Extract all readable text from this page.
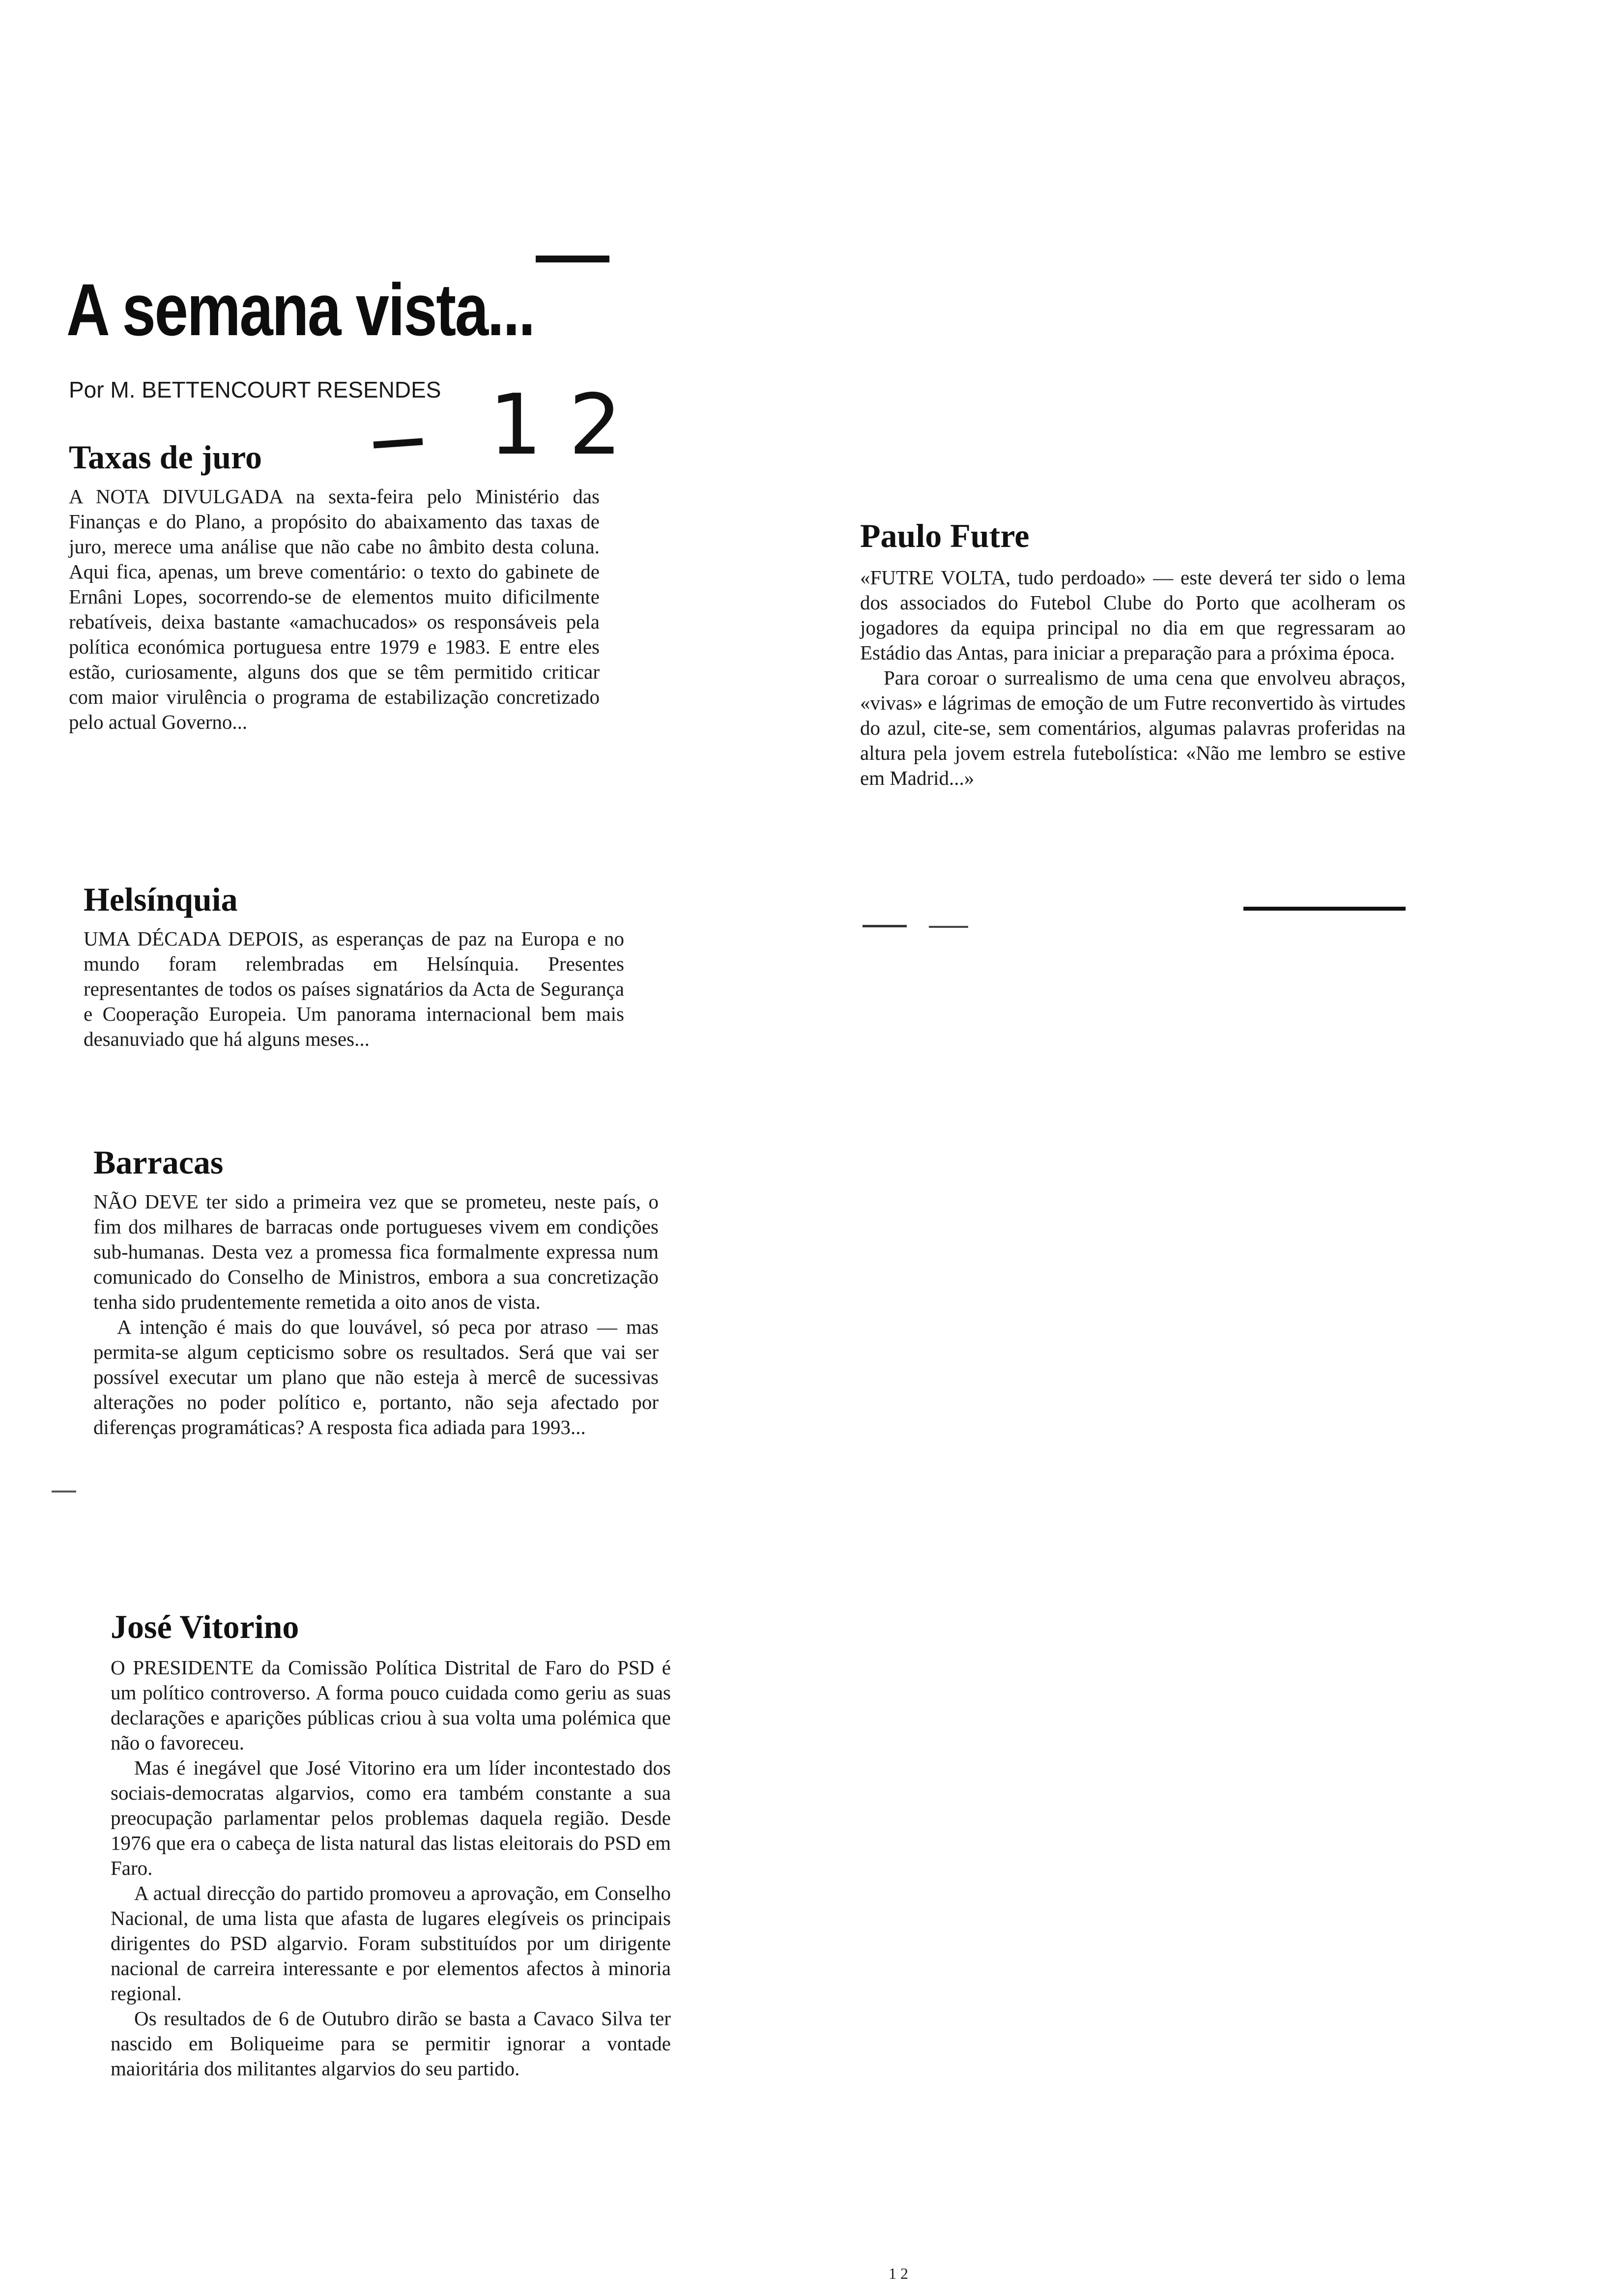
A semana vista...

Por M. BETTENCOURT RESENDES 1 2

Taxas de juro

A NOTA DIVULGADA na sexta-feira pelo Ministério das Finanças e do Plano, a propósito do abaixamento das taxas de juro, merece uma análise que não cabe no âmbito desta coluna. Aqui fica, apenas, um breve comentário: o texto do gabinete de Ernâni Lopes, socorrendo-se de elementos muito dificilmente rebatíveis, deixa bastante «amachucados» os responsáveis pela política económica portuguesa entre 1979 e 1983. E entre eles estão, curiosamente, alguns dos que se têm permitido criticar com maior virulência o programa de estabilização concretizado pelo actual Governo...

Helsínquia

UMA DÉCADA DEPOIS, as esperanças de paz na Europa e no mundo foram relembradas em Helsínquia. Presentes representantes de todos os países signatários da Acta de Segurança e Cooperação Europeia. Um panorama internacional bem mais desanuviado que há alguns meses...

Barracas

NÃO DEVE ter sido a primeira vez que se prometeu, neste país, o fim dos milhares de barracas onde portugueses vivem em condições sub-humanas. Desta vez a promessa fica formalmente expressa num comunicado do Conselho de Ministros, embora a sua concretização tenha sido prudentemente remetida a oito anos de vista.

A intenção é mais do que louvável, só peca por atraso — mas permita-se algum cepticismo sobre os resultados. Será que vai ser possível executar um plano que não esteja à mercê de sucessivas alterações no poder político e, portanto, não seja afectado por diferenças programáticas? A resposta fica adiada para 1993...

José Vitorino

O PRESIDENTE da Comissão Política Distrital de Faro do PSD é um político controverso. A forma pouco cuidada como geriu as suas declarações e aparições públicas criou à sua volta uma polémica que não o favoreceu.

Mas é inegável que José Vitorino era um líder incontestado dos sociais-democratas algarvios, como era também constante a sua preocupação parlamentar pelos problemas daquela região. Desde 1976 que era o cabeça de lista natural das listas eleitorais do PSD em Faro.

A actual direcção do partido promoveu a aprovação, em Conselho Nacional, de uma lista que afasta de lugares elegíveis os principais dirigentes do PSD algarvio. Foram substituídos por um dirigente nacional de carreira interessante e por elementos afectos à minoria regional.

Os resultados de 6 de Outubro dirão se basta a Cavaco Silva ter nascido em Boliqueime para se permitir ignorar a vontade maioritária dos militantes algarvios do seu partido.

Paulo Futre

«FUTRE VOLTA, tudo perdoado» — este deverá ter sido o lema dos associados do Futebol Clube do Porto que acolheram os jogadores da equipa principal no dia em que regressaram ao Estádio das Antas, para iniciar a preparação para a próxima época.

Para coroar o surrealismo de uma cena que envolveu abraços, «vivas» e lágrimas de emoção de um Futre reconvertido às virtudes do azul, cite-se, sem comentários, algumas palavras proferidas na altura pela jovem estrela futebolística: «Não me lembro se estive em Madrid...»

1 2
